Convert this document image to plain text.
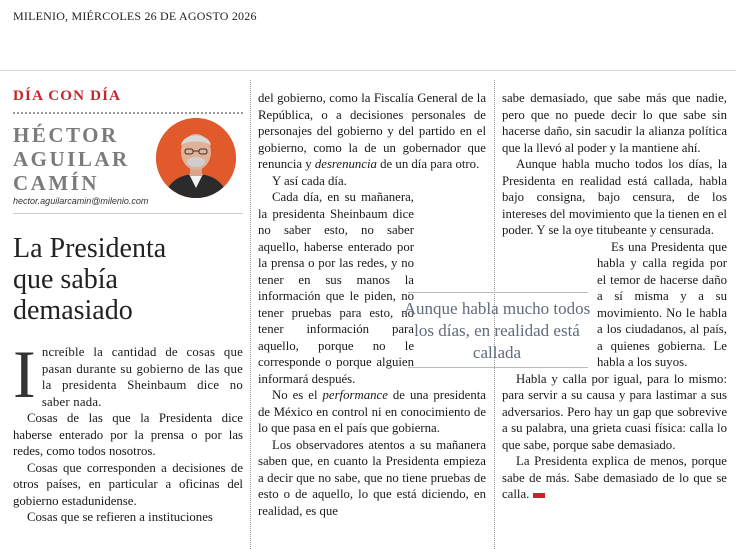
MILENIO, MIÉRCOLES 26 DE AGOSTO 2026
DÍA CON DÍA
HÉCTOR
AGUILAR
CAMÍN
hector.aguilarcamin@milenio.com
La Presidenta
que sabía
demasiado

Increíble la cantidad de cosas que pasan durante su gobierno de las que la presidenta Sheinbaum dice no saber nada.

Cosas de las que la Presidenta dice haberse enterado por la prensa o por las redes, como todos nosotros.

Cosas que corresponden a decisiones de otros países, en particular a oficinas del gobierno estadunidense.

Cosas que se refieren a instituciones

del gobierno, como la Fiscalía General de la República, o a decisiones personales de personajes del gobierno y del partido en el gobierno, como la de un gobernador que renuncia y desrenuncia de un día para otro.

Y así cada día.

Cada día, en su mañanera, la presidenta Sheinbaum dice no saber esto, no saber aquello, haberse enterado por la prensa o por las redes, y no tener en sus manos la información que le piden, no tener pruebas para esto, no tener información para aquello, porque no le corresponde o porque alguien informará después.

No es el performance de una presidenta de México en control ni en conocimiento de lo que pasa en el país que gobierna.

Los observadores atentos a su mañanera saben que, en cuanto la Presidenta empieza a decir que no sabe, que no tiene pruebas de esto o de aquello, lo que está diciendo, en realidad, es que

sabe demasiado, que sabe más que nadie, pero que no puede decir lo que sabe sin hacerse daño, sin sacudir la alianza política que la llevó al poder y la mantiene ahí.

Aunque habla mucho todos los días, la Presidenta en realidad está callada, habla bajo consigna, bajo censura, de los intereses del movimiento que la tienen en el poder. Y se la oye titubeante y censurada.

Es una Presidenta que habla y calla regida por el temor de hacerse daño a sí misma y a su movimiento. No le habla a los ciudadanos, al país, a quienes gobierna. Le habla a los suyos.

Habla y calla por igual, para lo mismo: para servir a su causa y para lastimar a sus adversarios. Pero hay un gap que sobrevive a su palabra, una grieta cuasi física: calla lo que sabe, porque sabe demasiado.

La Presidenta explica de menos, porque sabe de más. Sabe demasiado de lo que se calla.

Aunque habla mucho todos los días, en realidad está callada
